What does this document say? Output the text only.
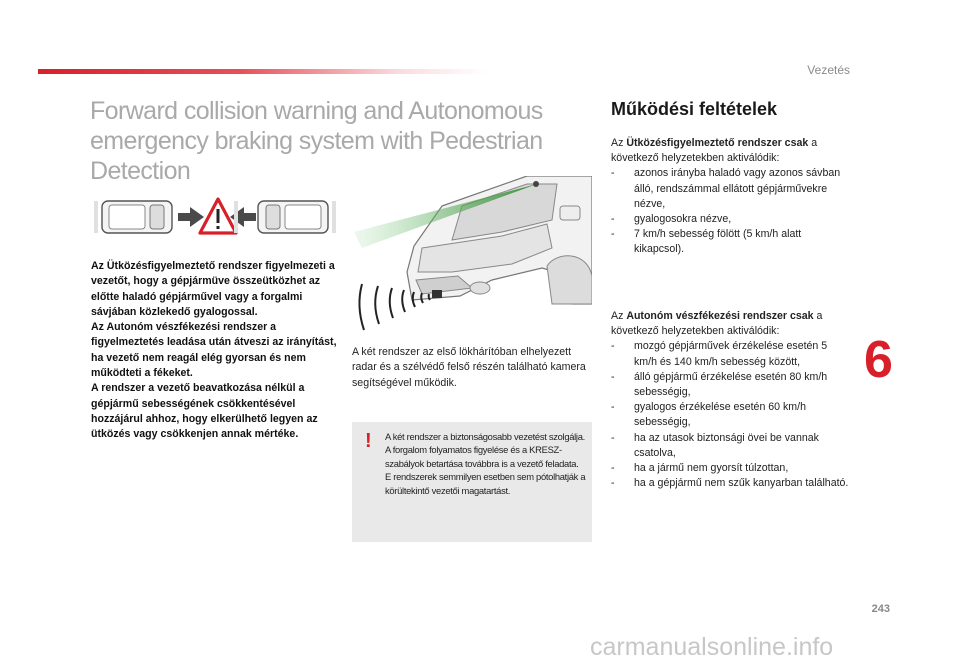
Vezetés
Forward collision warning and Autonomous
emergency braking system with Pedestrian Detection
Működési feltételek

Az Ütközésfigyelmeztető rendszer figyelmezeti a vezetőt, hogy a gépjármüve összeütközhet az előtte haladó gépjárművel vagy a forgalmi sávjában közlekedő gyalogossal.

Az Autonóm vészfékezési rendszer a figyelmeztetés leadása után átveszi az irányítást, ha vezető nem reagál elég gyorsan és nem működteti a fékeket.

A rendszer a vezető beavatkozása nélkül a gépjármű sebességének csökkentésével hozzájárul ahhoz, hogy elkerülhető legyen az ütközés vagy csökkenjen annak mértéke.

A két rendszer az első lökhárítóban elhelyezett radar és a szélvédő felső részén található kamera segítségével működik.
! A két rendszer a biztonságosabb vezetést szolgálja.
A forgalom folyamatos figyelése és a KRESZ-szabályok betartása továbbra is a vezető feladata.
E rendszerek semmilyen esetben sem pótolhatják a körültekintő vezetői magatartást.

Az Ütközésfigyelmeztető rendszer csak a következő helyzetekben aktiválódik:

- azonos irányba haladó vagy azonos sávban álló, rendszámmal ellátott gépjárművekre nézve,
- gyalogosokra nézve,
- 7 km/h sebesség fölött (5 km/h alatt kikapcsol).

Az Autonóm vészfékezési rendszer csak a következő helyzetekben aktiválódik:

- mozgó gépjárművek érzékelése esetén 5 km/h és 140 km/h sebesség között,
- álló gépjármű érzékelése esetén 80 km/h sebességig,
- gyalogos érzékelése esetén 60 km/h sebességig,
- ha az utasok biztonsági övei be vannak csatolva,
- ha a jármű nem gyorsít túlzottan,
- ha a gépjármű nem szűk kanyarban található.
6
243
carmanualsonline.info
